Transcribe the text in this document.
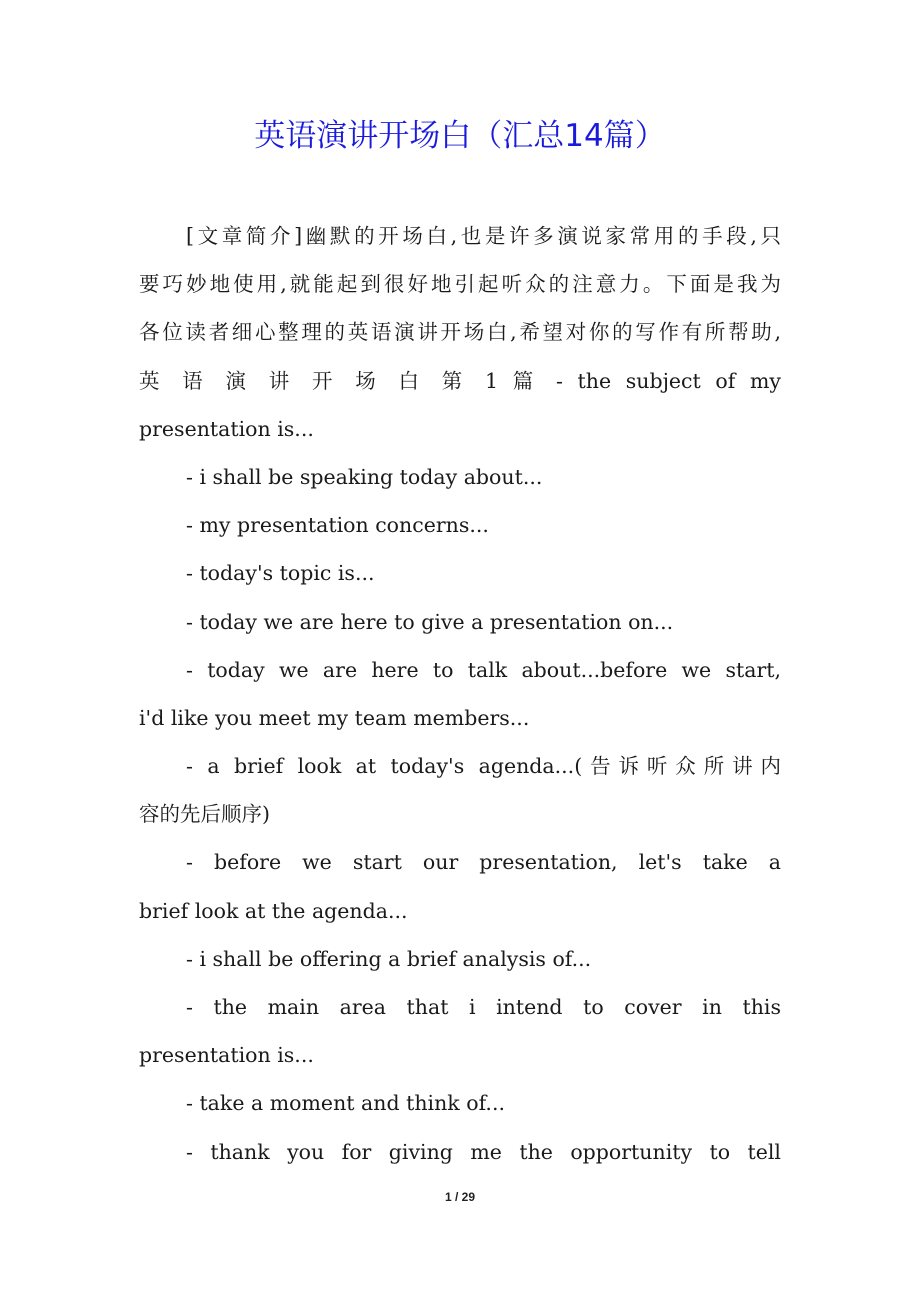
英语演讲开场白（汇总14篇）
[文章简介]幽默的开场白,也是许多演说家常用的手段,只
要巧妙地使用,就能起到很好地引起听众的注意力。下面是我为
各位读者细心整理的英语演讲开场白,希望对你的写作有所帮助,
英 语 演 讲 开 场 白 第 1 篇 - the subject of my
presentation is...
- i shall be speaking today about...
- my presentation concerns...
- today's topic is...
- today we are here to give a presentation on...
- today we are here to talk about...before we start,
i'd like you meet my team members...
- a brief look at today's agenda...(告诉听众所讲内
容的先后顺序)
- before we start our presentation, let's take a
brief look at the agenda...
- i shall be offering a brief analysis of...
- the main area that i intend to cover in this
presentation is...
- take a moment and think of...
- thank you for giving me the opportunity to tell
1 / 29
